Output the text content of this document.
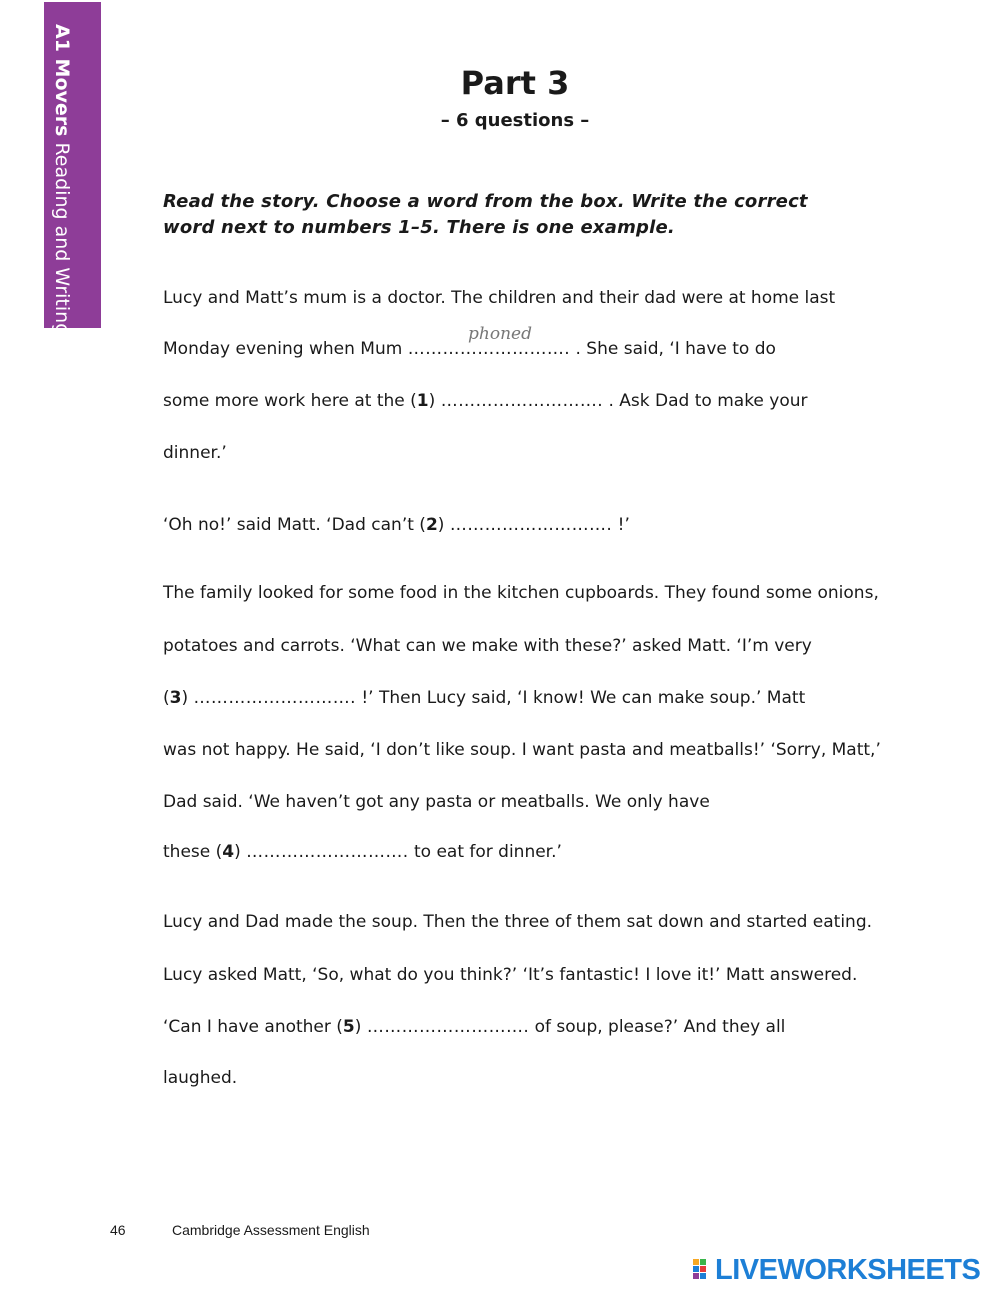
A1 MoversReading and Writing
Part 3
– 6 questions –
Read the story. Choose a word from the box. Write the correct word next to numbers 1–5. There is one example.
Lucy and Matt’s mum is a doctor. The children and their dad were at home last
phoned
Monday evening when Mum ………………………. . She said, ‘I have to do
some more work here at the (1) ………………………. . Ask Dad to make your
dinner.’
‘Oh no!’ said Matt. ‘Dad can’t (2) ………………………. !’
The family looked for some food in the kitchen cupboards. They found some onions,
potatoes and carrots. ‘What can we make with these?’ asked Matt. ‘I’m very
(3) ………………………. !’ Then Lucy said, ‘I know! We can make soup.’ Matt
was not happy. He said, ‘I don’t like soup. I want pasta and meatballs!’ ‘Sorry, Matt,’
Dad said. ‘We haven’t got any pasta or meatballs. We only have
these (4) ………………………. to eat for dinner.’
Lucy and Dad made the soup. Then the three of them sat down and started eating.
Lucy asked Matt, ‘So, what do you think?’ ‘It’s fantastic! I love it!’ Matt answered.
‘Can I have another (5) ………………………. of soup, please?’ And they all
laughed.
46	Cambridge Assessment English
LIVEWORKSHEETS
